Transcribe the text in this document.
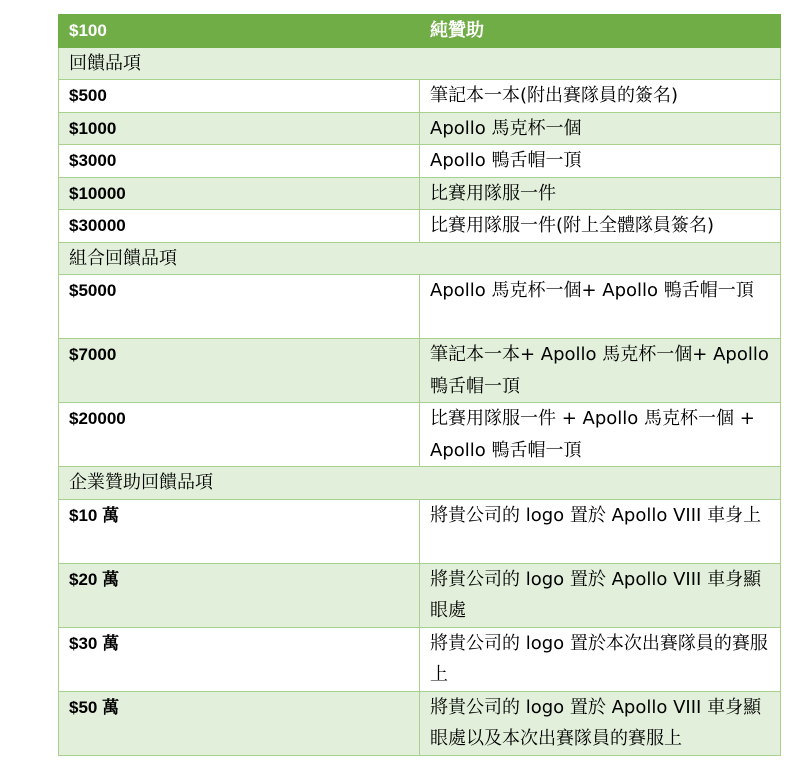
$100	純贊助
回饋品項	
$500	筆記本一本(附出賽隊員的簽名)
$1000	Apollo 馬克杯一個
$3000	Apollo 鴨舌帽一頂
$10000	比賽用隊服一件
$30000	比賽用隊服一件(附上全體隊員簽名)
組合回饋品項	
$5000	Apollo 馬克杯一個+ Apollo 鴨舌帽一頂
$7000	筆記本一本+ Apollo 馬克杯一個+ Apollo 鴨舌帽一頂
$20000	比賽用隊服一件 + Apollo 馬克杯一個 + Apollo 鴨舌帽一頂
企業贊助回饋品項	
$10 萬	將貴公司的 logo 置於 Apollo VIII 車身上
$20 萬	將貴公司的 logo 置於 Apollo VIII 車身顯眼處
$30 萬	將貴公司的 logo 置於本次出賽隊員的賽服上
$50 萬	將貴公司的 logo 置於 Apollo VIII 車身顯眼處以及本次出賽隊員的賽服上
